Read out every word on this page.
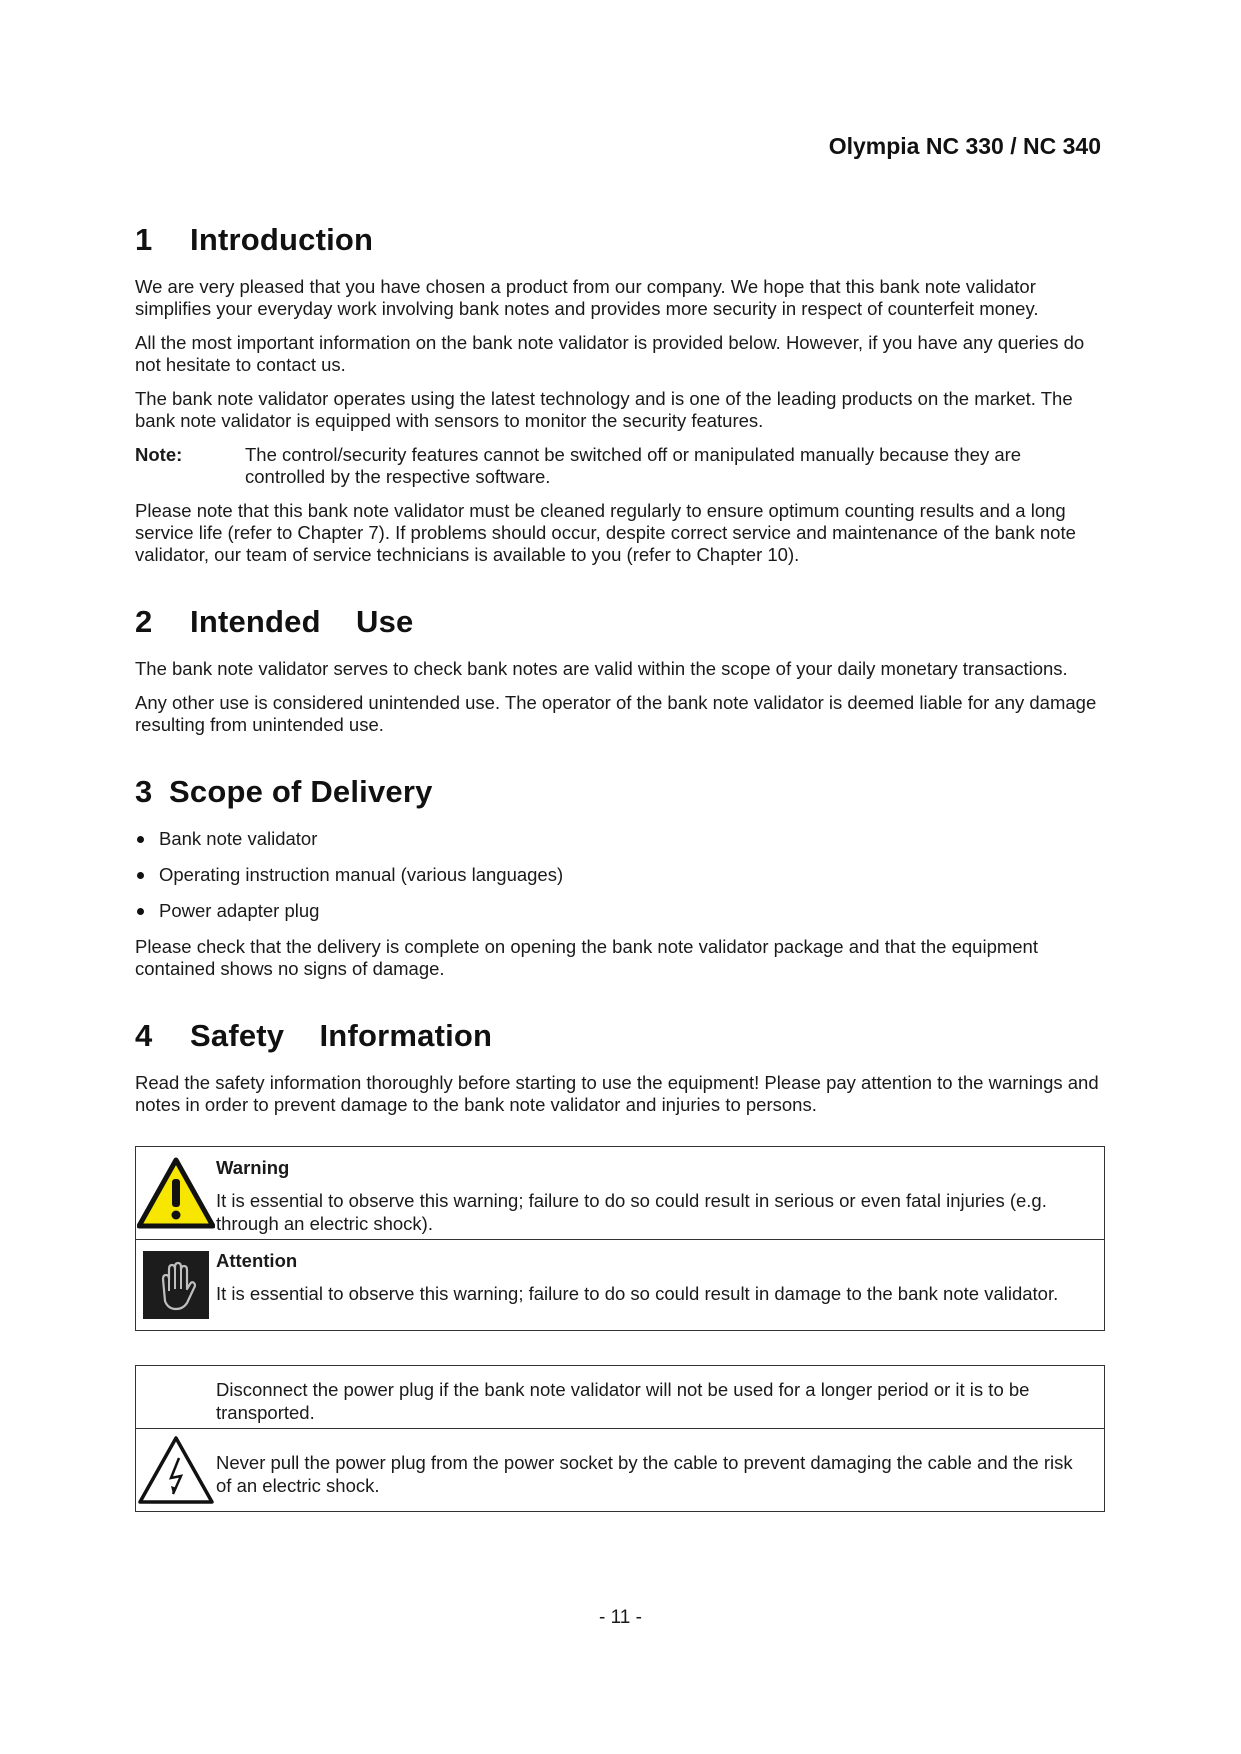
Olympia NC 330 / NC 340
1 Introduction

We are very pleased that you have chosen a product from our company. We hope that this bank note validator simplifies your everyday work involving bank notes and provides more security in respect of counterfeit money.

All the most important information on the bank note validator is provided below. However, if you have any queries do not hesitate to contact us.

The bank note validator operates using the latest technology and is one of the leading products on the market. The bank note validator is equipped with sensors to monitor the security features.

Note:	The control/security features cannot be switched off or manipulated manually because they are controlled by the respective software.

Please note that this bank note validator must be cleaned regularly to ensure optimum counting results and a long service life (refer to Chapter 7). If problems should occur, despite correct service and maintenance of the bank note validator, our team of service technicians is available to you (refer to Chapter 10).

2 Intended    Use

The bank note validator serves to check bank notes are valid within the scope of your daily monetary transactions.

Any other use is considered unintended use. The operator of the bank note validator is deemed liable for any damage resulting from unintended use.

3 Scope of Delivery
Bank note validator
Operating instruction manual (various languages)
Power adapter plug

Please check that the delivery is complete on opening the bank note validator package and that the equipment contained shows no signs of damage.

4 Safety    Information

Read the safety information thoroughly before starting to use the equipment! Please pay attention to the warnings and notes in order to prevent damage to the bank note validator and injuries to persons.

Warning
It is essential to observe this warning; failure to do so could result in serious or even fatal injuries (e.g. through an electric shock).
Attention
It is essential to observe this warning; failure to do so could result in damage to the bank note validator.
Disconnect the power plug if the bank note validator will not be used for a longer period or it is to be transported.
Never pull the power plug from the power socket by the cable to prevent damaging the cable and the risk of an electric shock.
- 11 -
